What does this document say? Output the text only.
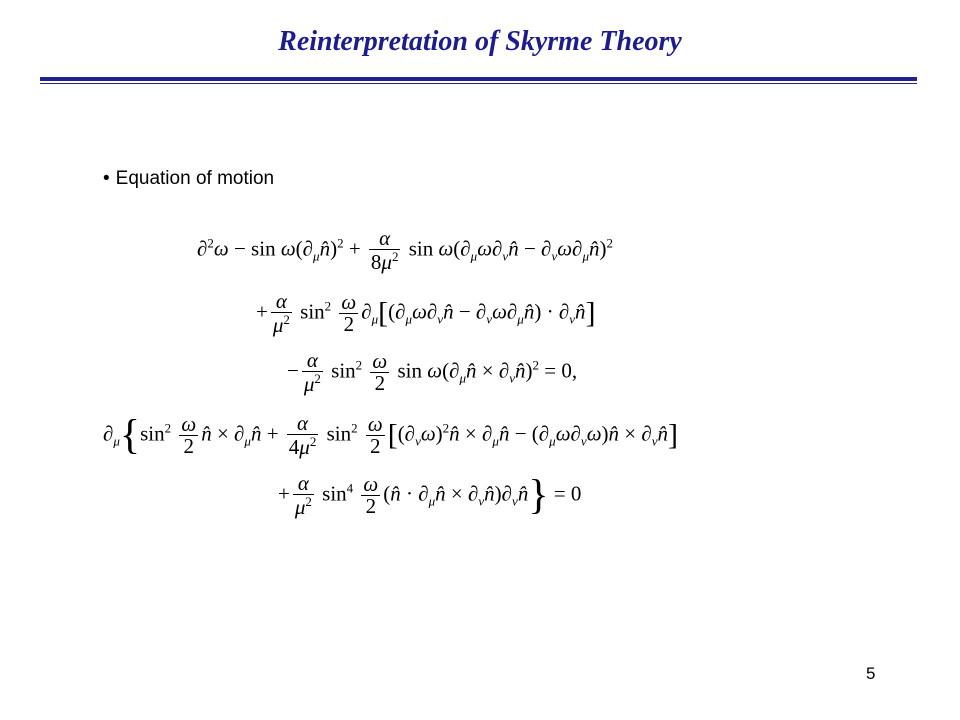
Reinterpretation of Skyrme Theory
• Equation of motion
$\partial^2\omega - \sin \omega(\partial_\mu n̂)^2 + \frac{\alpha}{8\mu^2}$ $\sin \omega(\partial_\mu\omega\partial_\nu n̂$ − $\partial_\nu\omega\partial_\mu n̂)^2$
+ $\frac{\alpha}{\mu^2} \sin^2 \frac{\omega}{2}$ $\partial_\mu[(\partial_\mu\omega\partial_\nu n̂$ − $\partial_\nu\omega\partial_\mu n̂$) · $\partial_\nu n̂$]
− $\frac{\alpha}{\mu^2} \sin^2 \frac{\omega}{2}$ $\sin \omega(\partial_\mu n̂$ × $\partial_\nu n̂)^2 = 0$,
$\partial_\mu\{\sin^2 \frac{\omega}{2}$ n̂ × $\partial_\mu n̂ + \frac{\alpha}{4\mu^2} \sin^2 \frac{\omega}{2}$ [$(\partial_\nu\omega)^2n̂$ × $\partial_\mu n̂$ − $(\partial_\mu\omega\partial_\nu\omega)n̂$ × $\partial_\nu n̂$]
+ $\frac{\alpha}{\mu^2} \sin^4 \frac{\omega}{2}$ (n̂ · $\partial_\mu n̂$ × $\partial_\nu n̂)\partial_\nu n̂\} = 0$
5
